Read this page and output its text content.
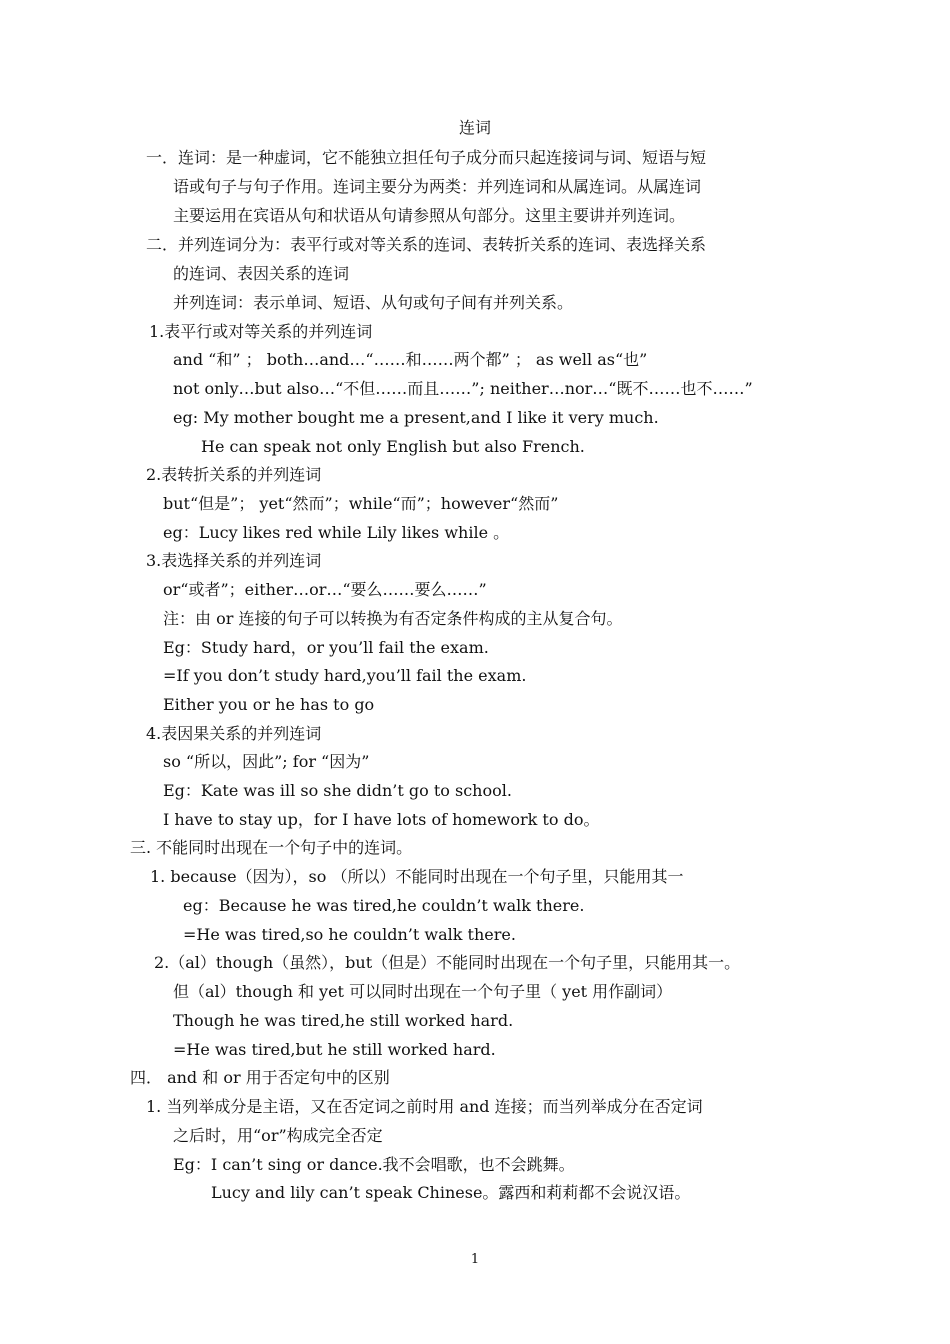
连词
一．连词：是一种虚词，它不能独立担任句子成分而只起连接词与词、短语与短
语或句子与句子作用。连词主要分为两类：并列连词和从属连词。从属连词
主要运用在宾语从句和状语从句请参照从句部分。这里主要讲并列连词。
二．并列连词分为：表平行或对等关系的连词、表转折关系的连词、表选择关系
的连词、表因关系的连词
并列连词：表示单词、短语、从句或句子间有并列关系。
1.表平行或对等关系的并列连词
and “和” ； both…and…“……和……两个都” ； as well as“也”
not only…but also…“不但……而且……”; neither…nor…“既不……也不……”
eg: My mother bought me a present,and I like it very much.
He can speak not only English but also French.
2.表转折关系的并列连词
but“但是”； yet“然而”；while“而”；however“然而”
eg：Lucy likes red while Lily likes while 。
3.表选择关系的并列连词
or“或者”；either…or…“要么……要么……”
注：由 or 连接的句子可以转换为有否定条件构成的主从复合句。
Eg：Study hard，or you’ll fail the exam.
=If you don’t study hard,you’ll fail the exam.
Either you or he has to go
4.表因果关系的并列连词
so “所以，因此”; for “因为”
Eg：Kate was ill so she didn’t go to school.
I have to stay up，for I have lots of homework to do。
三. 不能同时出现在一个句子中的连词。
1. because（因为），so （所以）不能同时出现在一个句子里，只能用其一
eg：Because he was tired,he couldn’t walk there.
=He was tired,so he couldn’t walk there.
2.（al）though（虽然），but（但是）不能同时出现在一个句子里，只能用其一。
但（al）though 和 yet 可以同时出现在一个句子里（ yet 用作副词）
Though he was tired,he still worked hard.
=He was tired,but he still worked hard.
四． and 和 or 用于否定句中的区别
1. 当列举成分是主语，又在否定词之前时用 and 连接；而当列举成分在否定词
之后时，用“or”构成完全否定
Eg：I can’t sing or dance.我不会唱歌，也不会跳舞。
Lucy and lily can’t speak Chinese。露西和莉莉都不会说汉语。
1
